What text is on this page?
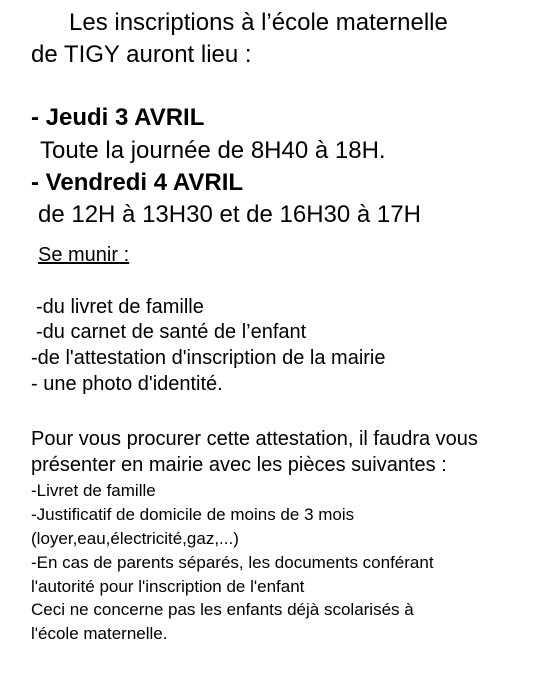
Les inscriptions à l’école maternelle
de TIGY auront lieu :
- Jeudi 3 AVRIL
Toute la journée de 8H40 à 18H.
- Vendredi 4 AVRIL
de 12H à 13H30 et de 16H30 à 17H
Se munir :
-du livret de famille
-du carnet de santé de l’enfant
-de l'attestation d'inscription de la mairie
- une photo d'identité.
Pour vous procurer cette attestation, il faudra vous
présenter en mairie avec les pièces suivantes :
-Livret de famille
-Justificatif de domicile de moins de 3 mois
(loyer,eau,électricité,gaz,...)
-En cas de parents séparés, les documents conférant
l'autorité pour l'inscription de l'enfant
Ceci ne concerne pas les enfants déjà scolarisés à
l'école maternelle.
